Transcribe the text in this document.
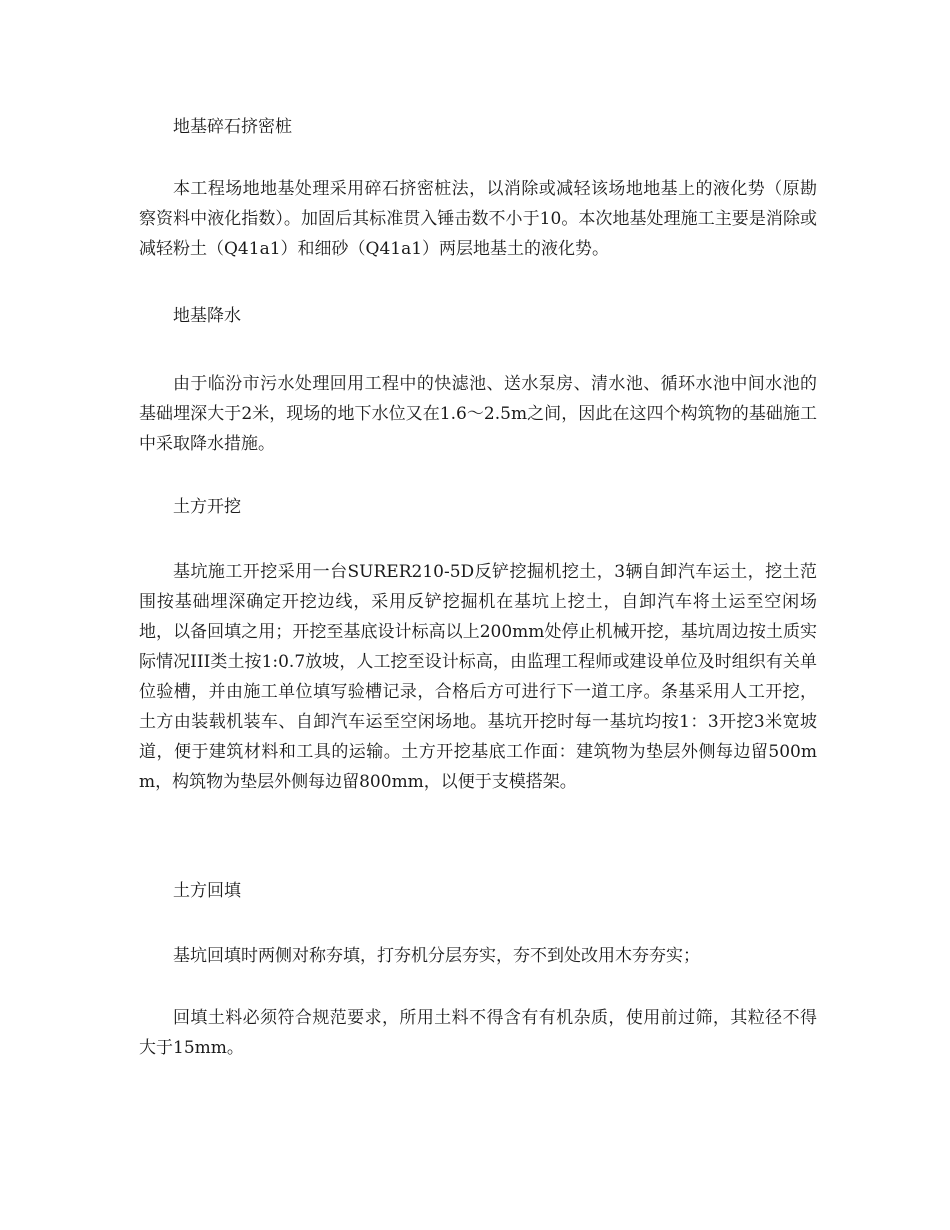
地基碎石挤密桩

本工程场地地基处理采用碎石挤密桩法，以消除或减轻该场地地基上的液化势（原勘察资料中液化指数）。加固后其标准贯入锤击数不小于10。本次地基处理施工主要是消除或减轻粉土（Q41a1）和细砂（Q41a1）两层地基土的液化势。

地基降水

由于临汾市污水处理回用工程中的快滤池、送水泵房、清水池、循环水池中间水池的基础埋深大于2米，现场的地下水位又在1.6～2.5m之间，因此在这四个构筑物的基础施工中采取降水措施。

土方开挖

基坑施工开挖采用一台SURER210-5D反铲挖掘机挖土，3辆自卸汽车运土，挖土范围按基础埋深确定开挖边线，采用反铲挖掘机在基坑上挖土，自卸汽车将土运至空闲场地，以备回填之用；开挖至基底设计标高以上200mm处停止机械开挖，基坑周边按土质实际情况III类土按1:0.7放坡，人工挖至设计标高，由监理工程师或建设单位及时组织有关单位验槽，并由施工单位填写验槽记录，合格后方可进行下一道工序。条基采用人工开挖，土方由装载机装车、自卸汽车运至空闲场地。基坑开挖时每一基坑均按1：3开挖3米宽坡道，便于建筑材料和工具的运输。土方开挖基底工作面：建筑物为垫层外侧每边留500mm，构筑物为垫层外侧每边留800mm，以便于支模搭架。

土方回填

基坑回填时两侧对称夯填，打夯机分层夯实，夯不到处改用木夯夯实；

回填土料必须符合规范要求，所用土料不得含有有机杂质，使用前过筛，其粒径不得大于15mm。
